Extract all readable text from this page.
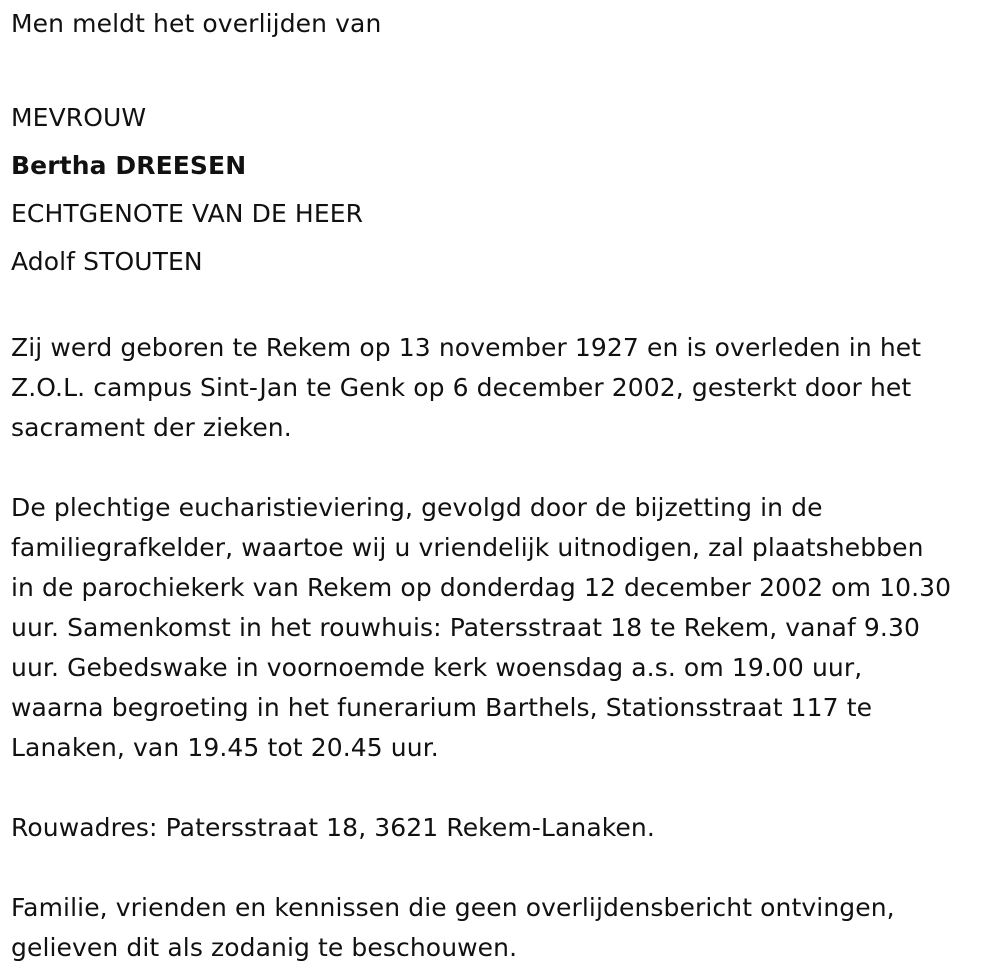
Men meldt het overlijden van
MEVROUW
Bertha DREESEN
ECHTGENOTE VAN DE HEER
Adolf STOUTEN
Zij werd geboren te Rekem op 13 november 1927 en is overleden in het
Z.O.L. campus Sint-Jan te Genk op 6 december 2002, gesterkt door het
sacrament der zieken.
De plechtige eucharistieviering, gevolgd door de bijzetting in de
familiegrafkelder, waartoe wij u vriendelijk uitnodigen, zal plaatshebben
in de parochiekerk van Rekem op donderdag 12 december 2002 om 10.30
uur. Samenkomst in het rouwhuis: Patersstraat 18 te Rekem, vanaf 9.30
uur. Gebedswake in voornoemde kerk woensdag a.s. om 19.00 uur,
waarna begroeting in het funerarium Barthels, Stationsstraat 117 te
Lanaken, van 19.45 tot 20.45 uur.
Rouwadres: Patersstraat 18, 3621 Rekem-Lanaken.
Familie, vrienden en kennissen die geen overlijdensbericht ontvingen,
gelieven dit als zodanig te beschouwen.
